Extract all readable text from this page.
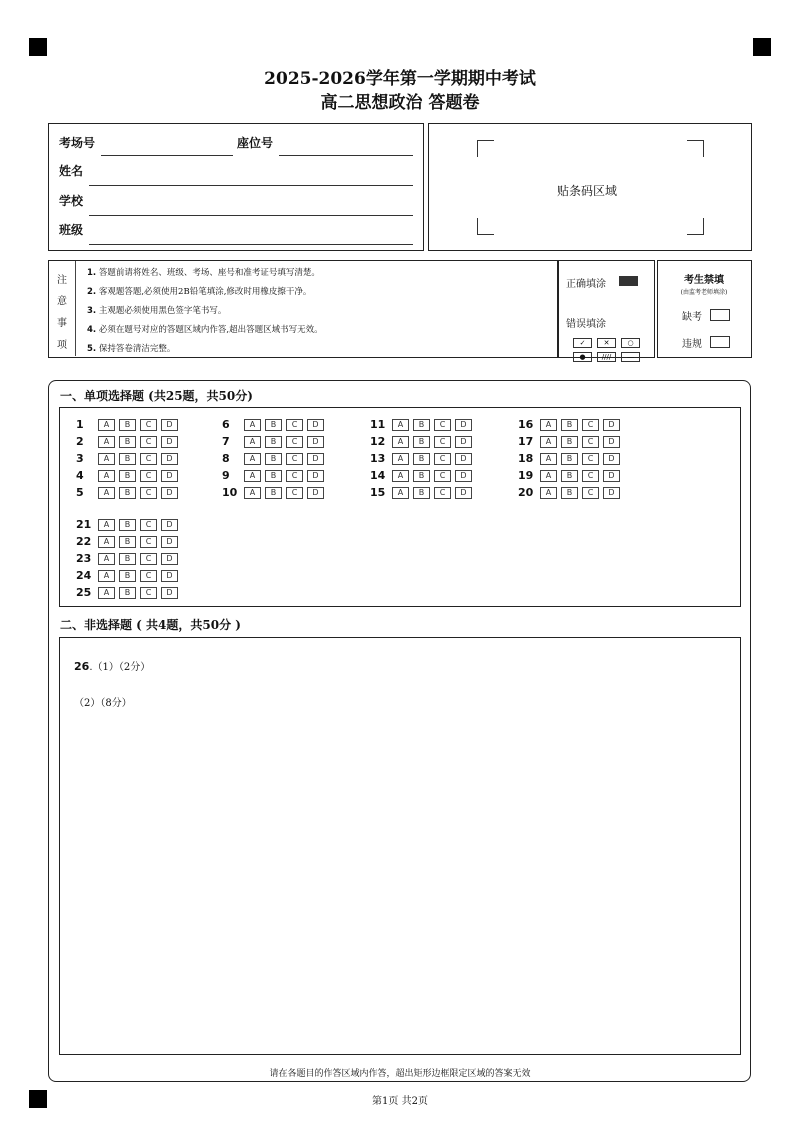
2025-2026学年第一学期期中考试
高二思想政治 答题卷
考场号	座位号
姓名
学校
班级
贴条码区域
注
意
事
项
1. 答题前请将姓名、班级、考场、座号和准考证号填写清楚。
2. 客观题答题,必须使用2B铅笔填涂,修改时用橡皮擦干净。
3. 主观题必须使用黑色签字笔书写。
4. 必须在题号对应的答题区域内作答,超出答题区域书写无效。
5. 保持答卷清洁完整。
正确填涂
错误填涂
✓	✕	○
● //// —
考生禁填
(由监考老师填涂)
缺考
违规
一、单项选择题 (共25题，共50分)
1	A B C D
2	A B C D
3	A B C D
4	A B C D
5	A B C D
6	A B C D
7	A B C D
8	A B C D
9	A B C D
10 A B C D
11 A B C D
12 A B C D
13 A B C D
14 A B C D
15 A B C D
16 A B C D
17 A B C D
18 A B C D
19 A B C D
20 A B C D
21 A B C D
22 A B C D
23 A B C D
24 A B C D
25 A B C D
二、非选择题 ( 共4题，共50分 )
26.（1）（2分）
（2）（8分）
请在各题目的作答区域内作答，超出矩形边框限定区域的答案无效
第1页 共2页
